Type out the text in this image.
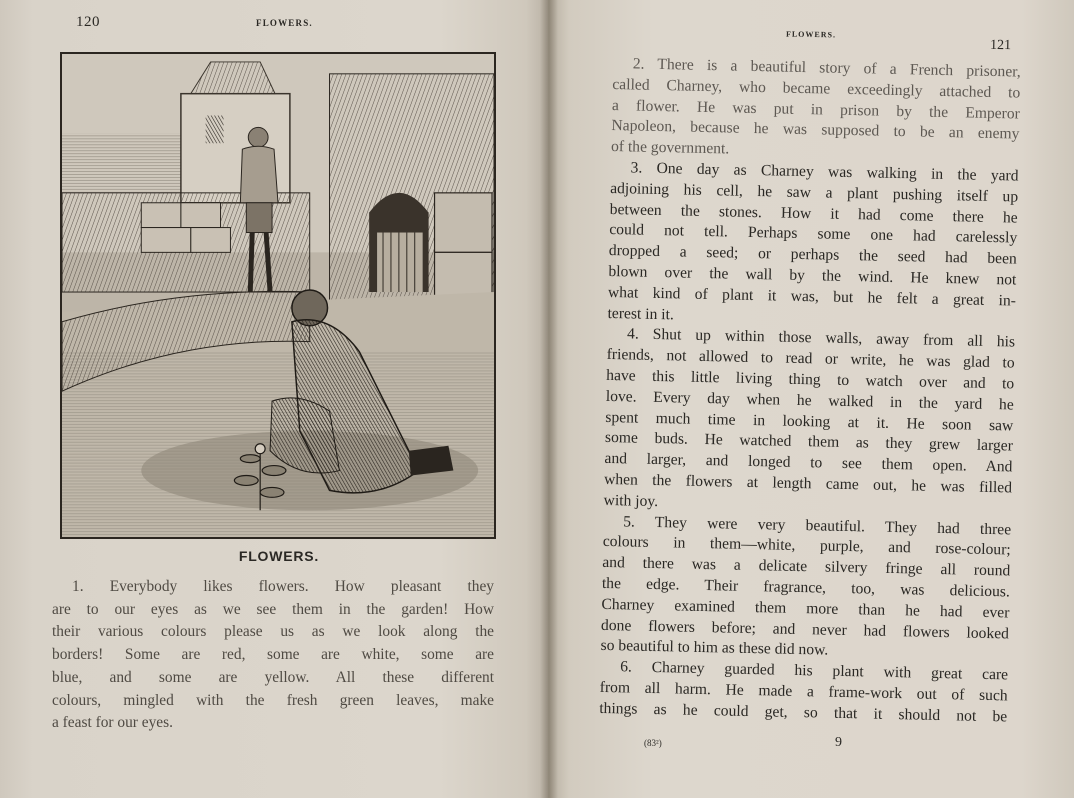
120	FLOWERS.
FLOWERS.
1. Everybody likes flowers. How pleasant they
are to our eyes as we see them in the garden! How
their various colours please us as we look along the
borders! Some are red, some are white, some are
blue, and some are yellow. All these different
colours, mingled with the fresh green leaves, make
a feast for our eyes.
FLOWERS.
121
2. There is a beautiful story of a French prisoner,
called Charney, who became exceedingly attached to
a flower. He was put in prison by the Emperor
Napoleon, because he was supposed to be an enemy
of the government.
3. One day as Charney was walking in the yard
adjoining his cell, he saw a plant pushing itself up
between the stones. How it had come there he
could not tell. Perhaps some one had carelessly
dropped a seed; or perhaps the seed had been
blown over the wall by the wind. He knew not
what kind of plant it was, but he felt a great in-
terest in it.
4. Shut up within those walls, away from all his
friends, not allowed to read or write, he was glad to
have this little living thing to watch over and to
love. Every day when he walked in the yard he
spent much time in looking at it. He soon saw
some buds. He watched them as they grew larger
and larger, and longed to see them open. And
when the flowers at length came out, he was filled
with joy.
5. They were very beautiful. They had three
colours in them—white, purple, and rose-colour;
and there was a delicate silvery fringe all round
the edge. Their fragrance, too, was delicious.
Charney examined them more than he had ever
done flowers before; and never had flowers looked
so beautiful to him as these did now.
6. Charney guarded his plant with great care
from all harm. He made a frame-work out of such
things as he could get, so that it should not be
(83²)	9
